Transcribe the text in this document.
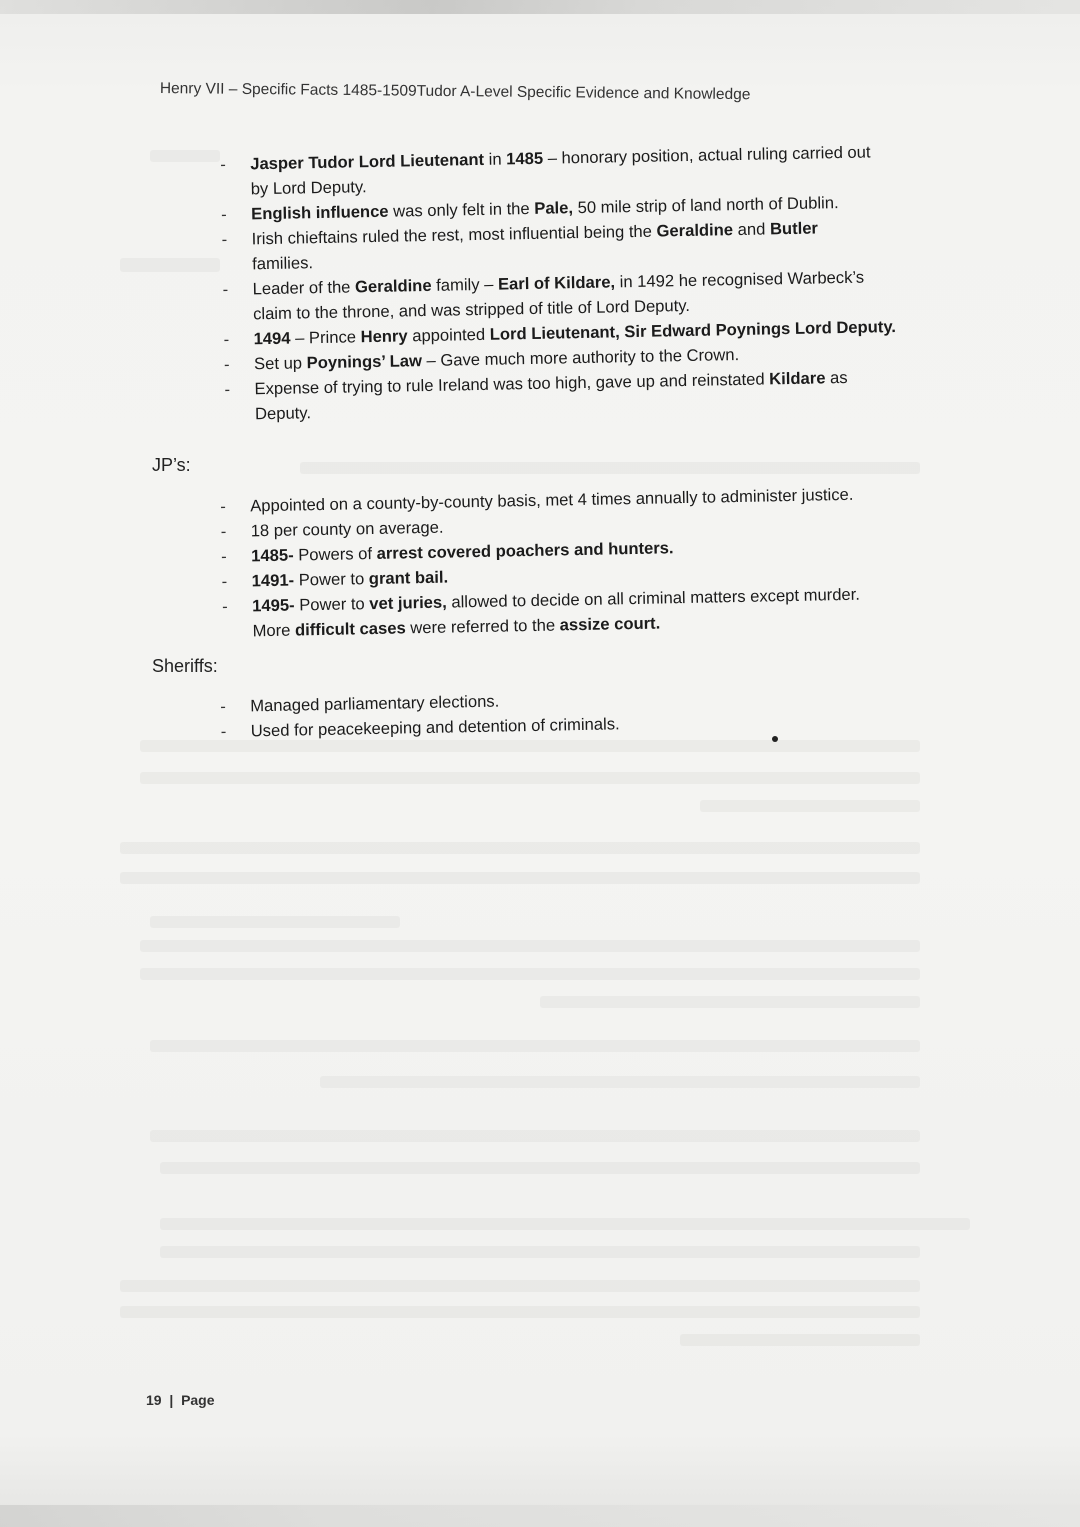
Henry VII – Specific Facts 1485-1509Tudor A-Level Specific Evidence and Knowledge
-	Jasper Tudor Lord Lieutenant in 1485 – honorary position, actual ruling carried out
by Lord Deputy.
-	English influence was only felt in the Pale, 50 mile strip of land north of Dublin.
-	Irish chieftains ruled the rest, most influential being the Geraldine and Butler
families.
-	Leader of the Geraldine family – Earl of Kildare, in 1492 he recognised Warbeck’s
claim to the throne, and was stripped of title of Lord Deputy.
-	1494 – Prince Henry appointed Lord Lieutenant, Sir Edward Poynings Lord Deputy.
-	Set up Poynings’ Law – Gave much more authority to the Crown.
-	Expense of trying to rule Ireland was too high, gave up and reinstated Kildare as
Deputy.
JP’s:
-	Appointed on a county-by-county basis, met 4 times annually to administer justice.
-	18 per county on average.
-	1485- Powers of arrest covered poachers and hunters.
-	1491- Power to grant bail.
-	1495- Power to vet juries, allowed to decide on all criminal matters except murder.
More difficult cases were referred to the assize court.
Sheriffs:
-	Managed parliamentary elections.
-	Used for peacekeeping and detention of criminals.
19  |  Page
